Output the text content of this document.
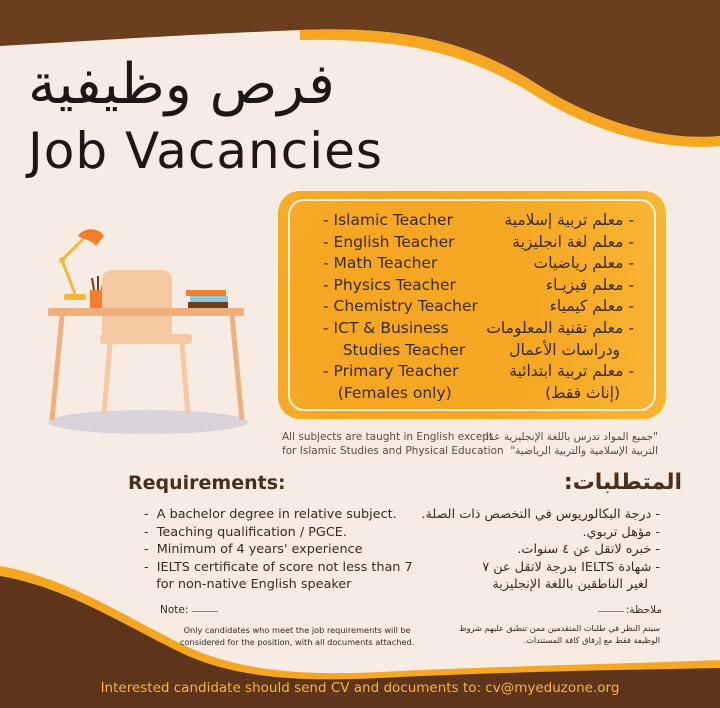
فرص وظيفية
Job Vacancies
- Islamic Teacher
- English Teacher
- Math Teacher
- Physics Teacher
- Chemistry Teacher
- ICT & Business
Studies Teacher
- Primary Teacher
(Females only)
- معلم تربية إسلامية
- معلم لغة انجليزية
- معلم رياضيات
- معلم فيزيـاء
- معلم كيمياء
- معلم تقنية المعلومات
ودراسات الأعمال
- معلم تربية ابتدائية
(إناث فقط)
All subjects are taught in English except
for Islamic Studies and Physical Education
"جميع المواد تدرس باللغة الإنجليزية عدا
التربية الإسلامية والتربية الرياضية"
Requirements:	المتطلبات:
-  A bachelor degree in relative subject.
-  Teaching qualification / PGCE.
-  Minimum of 4 years' experience
-  IELTS certificate of score not less than 7
for non-native English speaker
- درجة البكالوريوس في التخصص ذات الصلة.
- مؤهل تربوي.
- خبره لاتقل عن ٤ سنوات.
- شهادة IELTS بدرجة لاتقل عن ٧
لغير الناطقين باللغة الإنجليزية
Note:
Only candidates who meet the job requirements will be
considered for the position, with all documents attached.
ملاحظة:
سيتم النظر في طلبات المتقدمين ممن تنطبق عليهم شروط
الوظيفة فقط مع إرفاق كافة المستندات.
Interested candidate should send CV and documents to: cv@myeduzone.org
